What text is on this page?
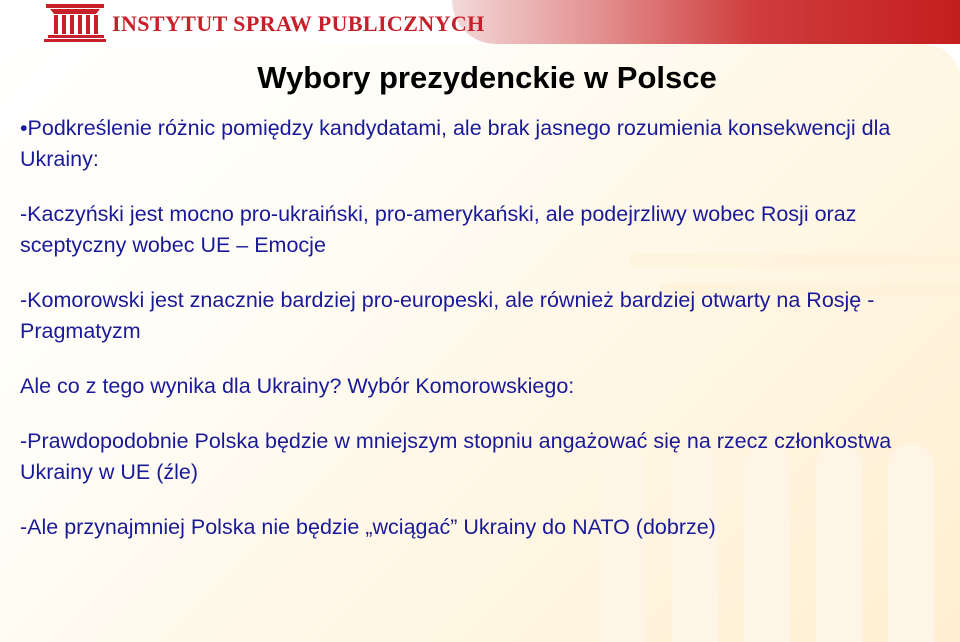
INSTYTUT SPRAW PUBLICZNYCH
Wybory prezydenckie w Polsce

•Podkreślenie różnic pomiędzy kandydatami, ale brak jasnego rozumienia konsekwencji dla Ukrainy:

-Kaczyński jest mocno pro-ukraiński, pro-amerykański, ale podejrzliwy wobec Rosji oraz sceptyczny wobec UE – Emocje

-Komorowski jest znacznie bardziej pro-europeski, ale również bardziej otwarty na Rosję - Pragmatyzm

Ale co z tego wynika dla Ukrainy? Wybór Komorowskiego:

-Prawdopodobnie Polska będzie w mniejszym stopniu angażować się na rzecz członkostwa Ukrainy w UE (źle)

-Ale przynajmniej Polska nie będzie „wciągać” Ukrainy do NATO (dobrze)
